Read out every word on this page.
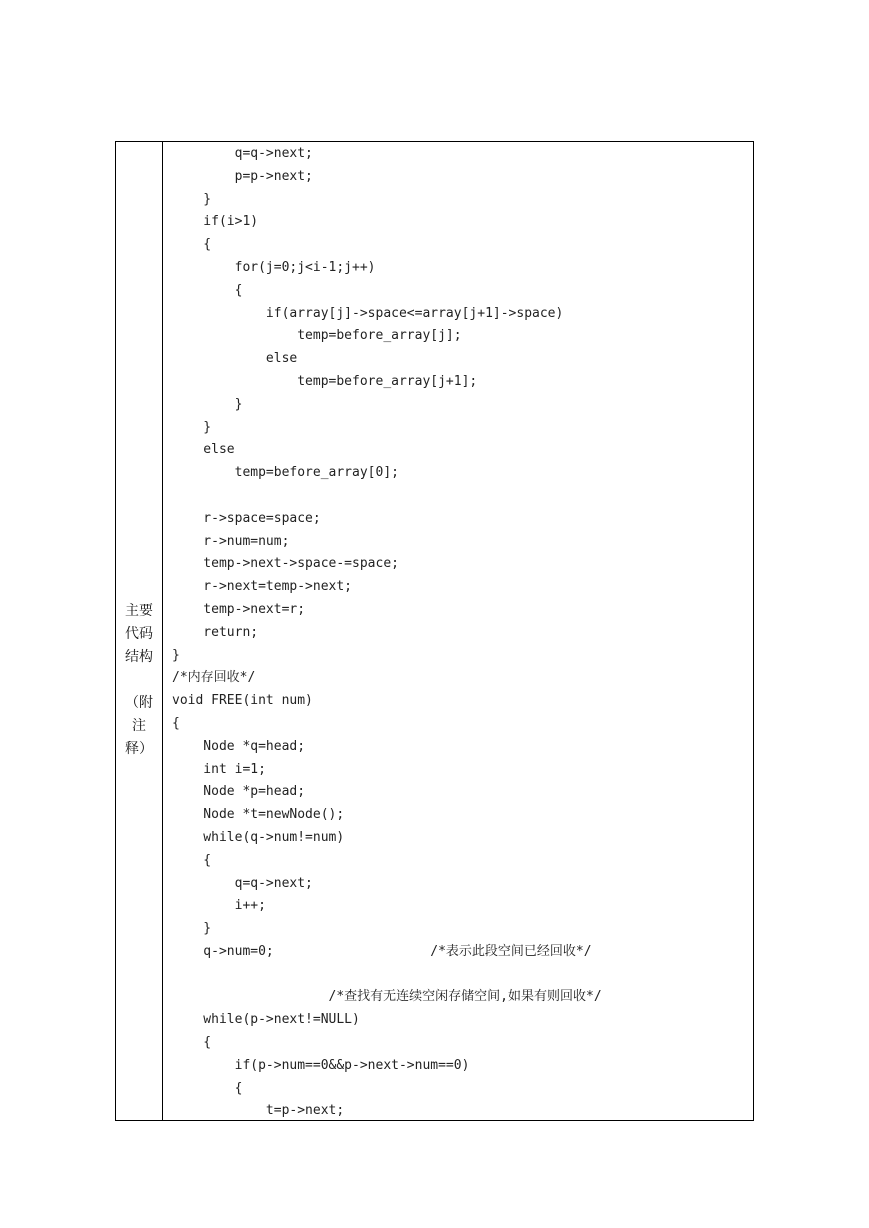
主要
代码
结构
（附
注
释）
q=q->next;
p=p->next;
}
if(i>1)
{
for(j=0;j<i-1;j++)
{
if(array[j]->space<=array[j+1]->space)
temp=before_array[j];
else
temp=before_array[j+1];
}
}
else
temp=before_array[0];
r->space=space;
r->num=num;
temp->next->space-=space;
r->next=temp->next;
temp->next=r;
return;
}
/*内存回收*/
void FREE(int num)
{
Node *q=head;
int i=1;
Node *p=head;
Node *t=newNode();
while(q->num!=num)
{
q=q->next;
i++;
}
q->num=0;                    /*表示此段空间已经回收*/
/*查找有无连续空闲存储空间,如果有则回收*/
while(p->next!=NULL)
{
if(p->num==0&&p->next->num==0)
{
t=p->next;
